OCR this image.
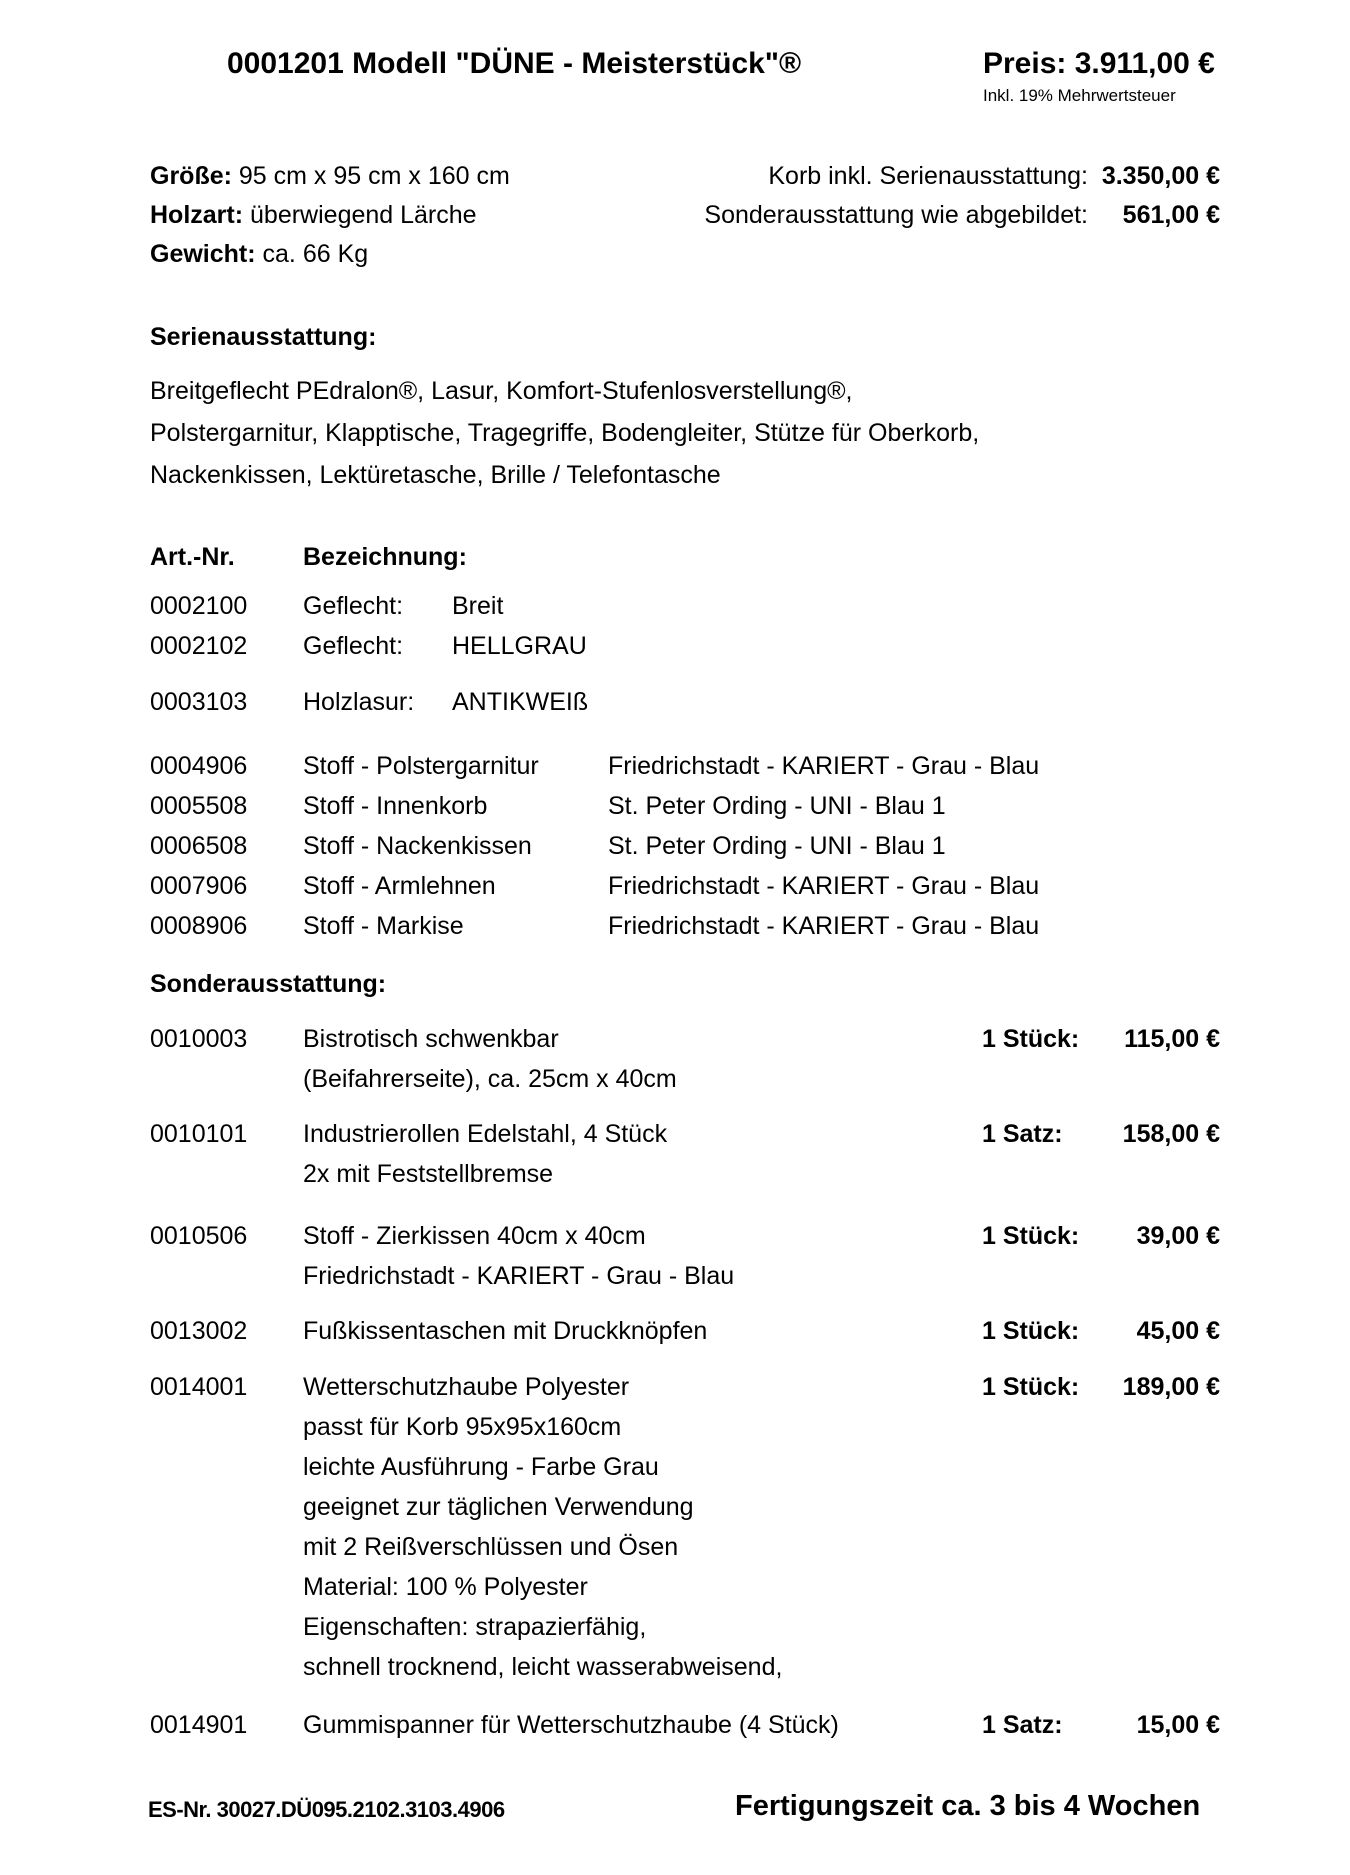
0001201 Modell "DÜNE - Meisterstück"®	Preis: 3.911,00 €
Inkl. 19% Mehrwertsteuer
Größe: 95 cm x 95 cm x 160 cm
Holzart: überwiegend Lärche
Gewicht: ca. 66 Kg
Korb inkl. Serienausstattung: 3.350,00 €
Sonderausstattung wie abgebildet:	561,00 €
Serienausstattung:
Breitgeflecht PEdralon®, Lasur, Komfort-Stufenlosverstellung®,
Polstergarnitur, Klapptische, Tragegriffe, Bodengleiter, Stütze für Oberkorb,
Nackenkissen, Lektüretasche, Brille / Telefontasche
Art.-Nr.	Bezeichnung:
0002100	Geflecht:	Breit
0002102	Geflecht:	HELLGRAU
0003103	Holzlasur:	ANTIKWEIß
0004906	Stoff - Polstergarnitur	Friedrichstadt - KARIERT - Grau - Blau
0005508	Stoff - Innenkorb	St. Peter Ording - UNI - Blau 1
0006508	Stoff - Nackenkissen	St. Peter Ording - UNI - Blau 1
0007906	Stoff - Armlehnen	Friedrichstadt - KARIERT - Grau - Blau
0008906	Stoff - Markise	Friedrichstadt - KARIERT - Grau - Blau
Sonderausstattung:
0010003	Bistrotisch schwenkbar
(Beifahrerseite), ca. 25cm x 40cm
1 Stück: 115,00 €
0010101	Industrierollen Edelstahl, 4 Stück
2x mit Feststellbremse
1 Satz: 158,00 €
0010506	Stoff - Zierkissen 40cm x 40cm
Friedrichstadt - KARIERT - Grau - Blau
1 Stück: 39,00 €
0013002	Fußkissentaschen mit Druckknöpfen	1 Stück: 45,00 €
0014001	Wetterschutzhaube Polyester
passt für Korb 95x95x160cm
leichte Ausführung - Farbe Grau
geeignet zur täglichen Verwendung
mit 2 Reißverschlüssen und Ösen
Material: 100 % Polyester
Eigenschaften: strapazierfähig,
schnell trocknend, leicht wasserabweisend,
1 Stück: 189,00 €
0014901	Gummispanner für Wetterschutzhaube (4 Stück)	1 Satz:	15,00 €
ES-Nr. 30027.DÜ095.2102.3103.4906	Fertigungszeit ca. 3 bis 4 Wochen
